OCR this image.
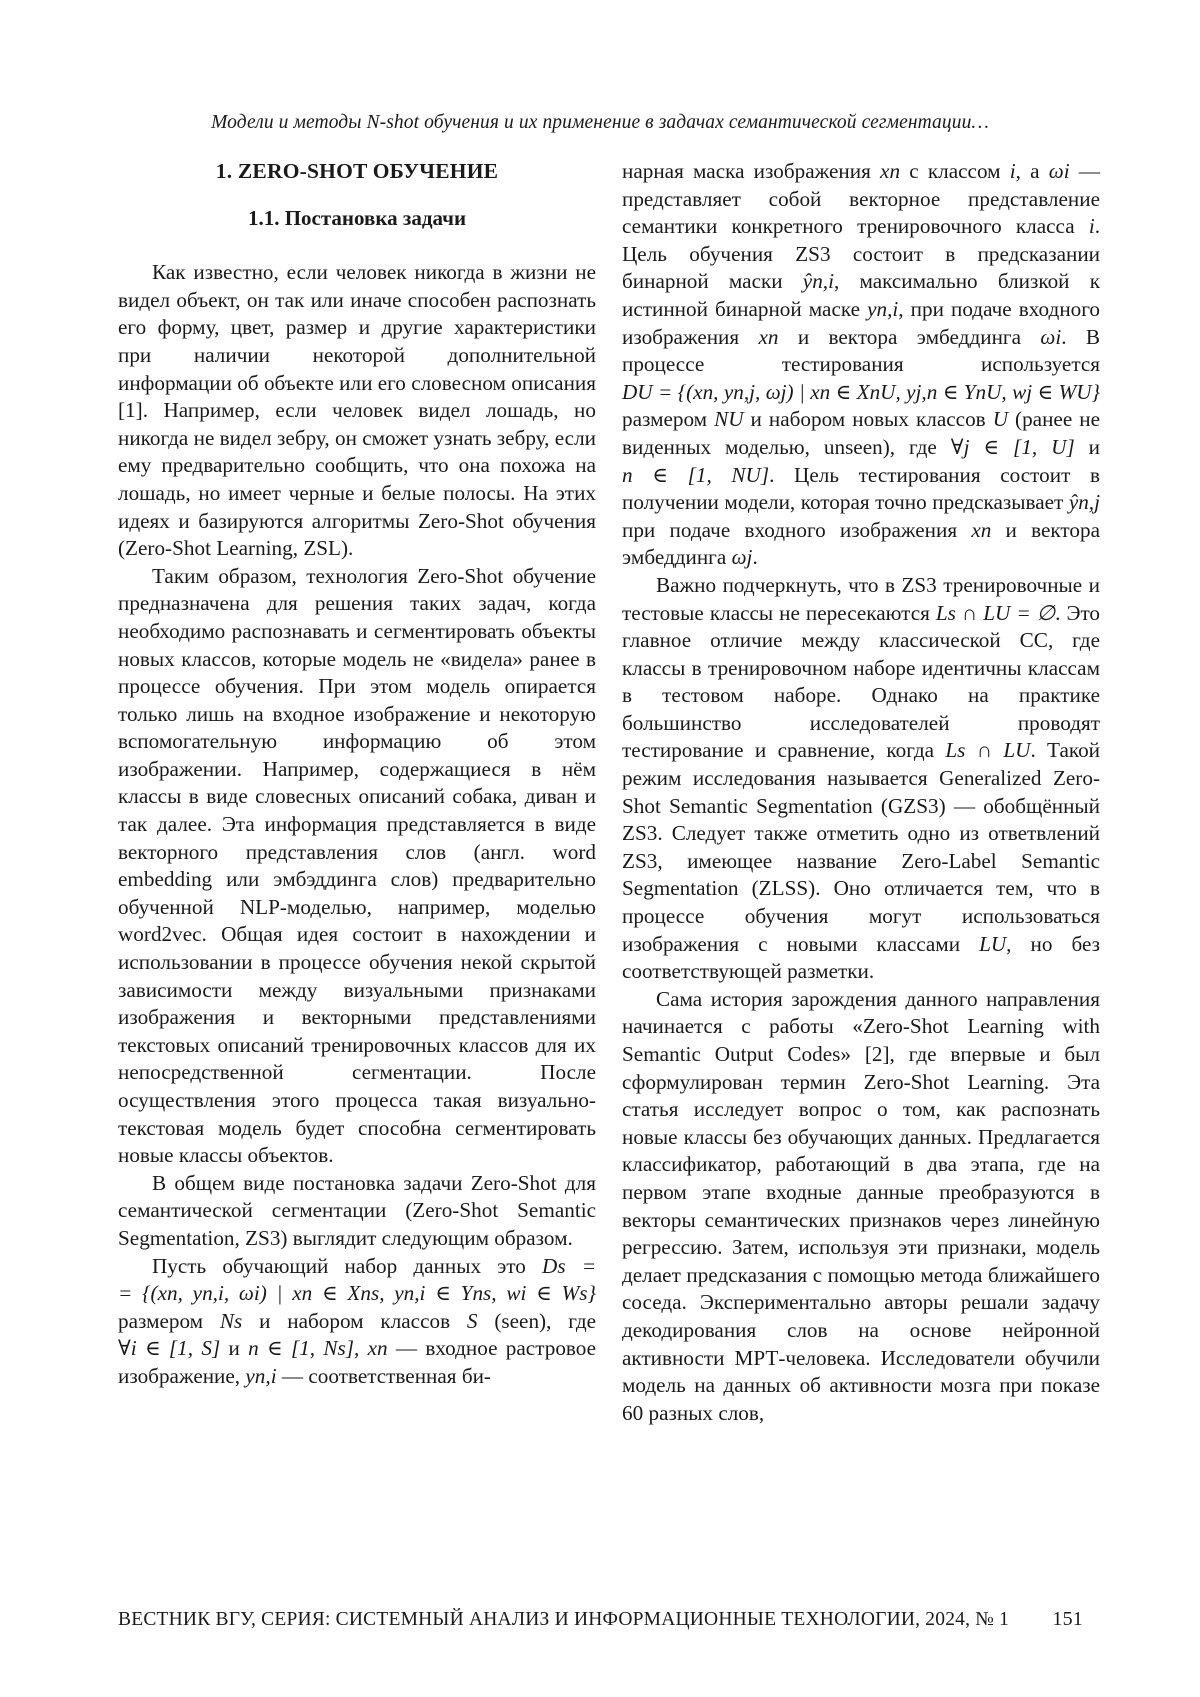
Модели и методы N-shot обучения и их применение в задачах семантической сегментации…
1. ZERO-SHOT ОБУЧЕНИЕ
1.1. Постановка задачи

Как известно, если человек никогда в жизни не видел объект, он так или иначе способен распознать его форму, цвет, размер и другие характеристики при наличии некоторой дополнительной информации об объекте или его словесном описания [1]. Например, если человек видел лошадь, но никогда не видел зебру, он сможет узнать зебру, если ему предварительно сообщить, что она похожа на лошадь, но имеет черные и белые полосы. На этих идеях и базируются алгоритмы Zero-Shot обучения (Zero-Shot Learning, ZSL).

Таким образом, технология Zero-Shot обучение предназначена для решения таких задач, когда необходимо распознавать и сегментировать объекты новых классов, которые модель не «видела» ранее в процессе обучения. При этом модель опирается только лишь на входное изображение и некоторую вспомогательную информацию об этом изображении. Например, содержащиеся в нём классы в виде словесных описаний собака, диван и так далее. Эта информация представляется в виде векторного представления слов (англ. word embedding или эмбэддинга слов) предварительно обученной NLP-моделью, например, моделью word2vec. Общая идея состоит в нахождении и использовании в процессе обучения некой скрытой зависимости между визуальными признаками изображения и векторными представлениями текстовых описаний тренировочных классов для их непосредственной сегментации. После осуществления этого процесса такая визуально-текстовая модель будет способна сегментировать новые классы объектов.

В общем виде постановка задачи Zero-Shot для семантической сегментации (Zero-Shot Semantic Segmentation, ZS3) выглядит следующим образом.

Пусть обучающий набор данных это Ds = = {(xn, yn,i, ωi) | xn ∈ Xns, yn,i ∈ Yns, wi ∈ Ws} размером Ns и набором классов S (seen), где ∀i ∈ [1, S] и n ∈ [1, Ns], xn — входное растровое изображение, yn,i — соответственная би-

нарная маска изображения xn с классом i, а ωi — представляет собой векторное представление семантики конкретного тренировочного класса i. Цель обучения ZS3 состоит в предсказании бинарной маски ŷn,i, максимально близкой к истинной бинарной маске yn,i, при подаче входного изображения xn и вектора эмбеддинга ωi. В процессе тестирования используется DU = {(xn, yn,j, ωj) | xn ∈ XnU, yj,n ∈ YnU, wj ∈ WU} размером NU и набором новых классов U (ранее не виденных моделью, unseen), где ∀j ∈ [1, U] и n ∈ [1, NU]. Цель тестирования состоит в получении модели, которая точно предсказывает ŷn,j при подаче входного изображения xn и вектора эмбеддинга ωj.

Важно подчеркнуть, что в ZS3 тренировочные и тестовые классы не пересекаются Ls ∩ LU = ∅. Это главное отличие между классической СС, где классы в тренировочном наборе идентичны классам в тестовом наборе. Однако на практике большинство исследователей проводят тестирование и сравнение, когда Ls ∩ LU. Такой режим исследования называется Generalized Zero-Shot Semantic Segmentation (GZS3) — обобщённый ZS3. Следует также отметить одно из ответвлений ZS3, имеющее название Zero-Label Semantic Segmentation (ZLSS). Оно отличается тем, что в процессе обучения могут использоваться изображения с новыми классами LU, но без соответствующей разметки.

Сама история зарождения данного направления начинается с работы «Zero-Shot Learning with Semantic Output Codes» [2], где впервые и был сформулирован термин Zero-Shot Learning. Эта статья исследует вопрос о том, как распознать новые классы без обучающих данных. Предлагается классификатор, работающий в два этапа, где на первом этапе входные данные преобразуются в векторы семантических признаков через линейную регрессию. Затем, используя эти признаки, модель делает предсказания с помощью метода ближайшего соседа. Экспериментально авторы решали задачу декодирования слов на основе нейронной активности МРТ-человека. Исследователи обучили модель на данных об активности мозга при показе 60 разных слов,

ВЕСТНИК ВГУ, СЕРИЯ: СИСТЕМНЫЙ АНАЛИЗ И ИНФОРМАЦИОННЫЕ ТЕХНОЛОГИИ, 2024, № 1 151
